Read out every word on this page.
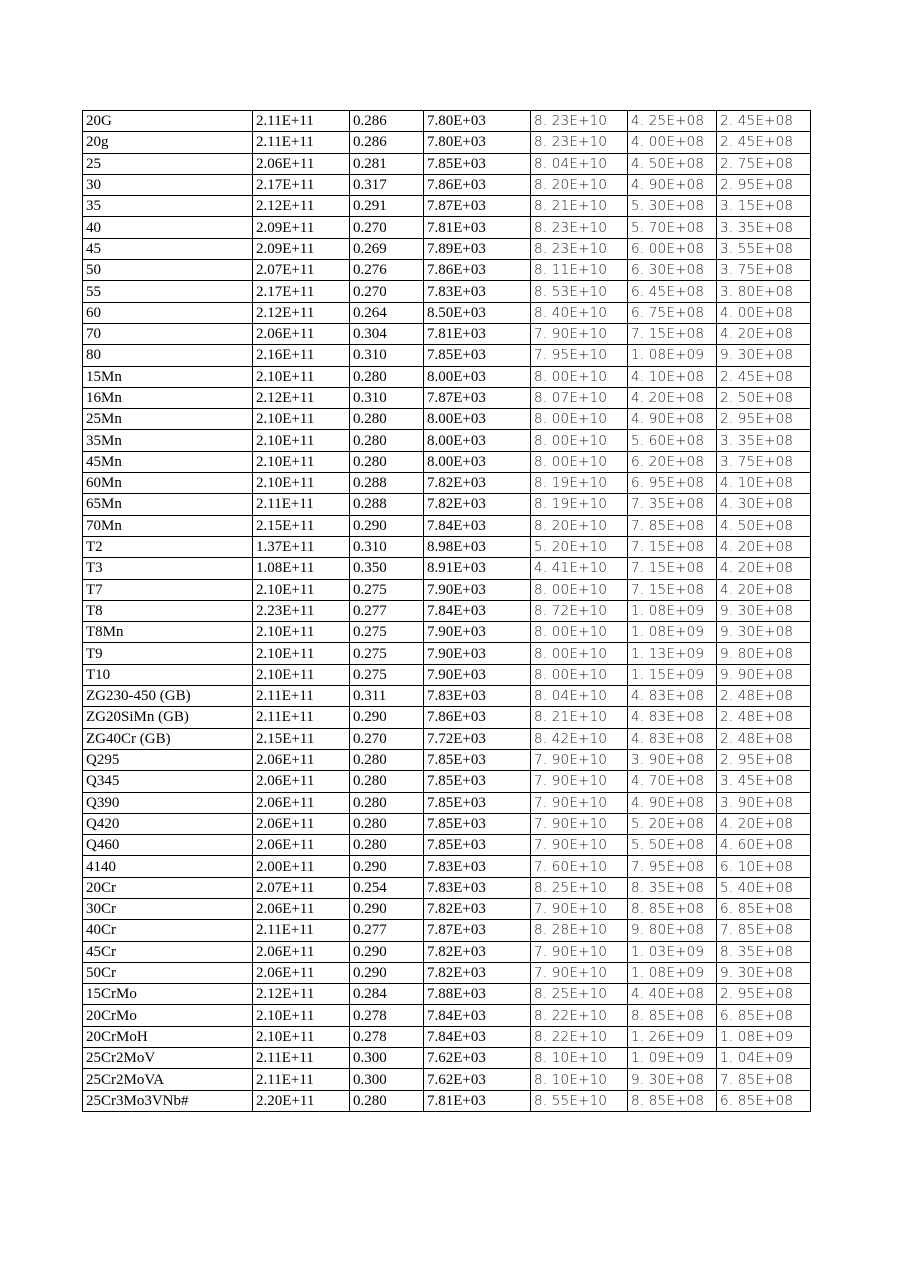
20G	2.11E+11	0.286	7.80E+03	8. 23E+10	4. 25E+08	2. 45E+08
20g	2.11E+11	0.286	7.80E+03	8. 23E+10	4. 00E+08	2. 45E+08
25	2.06E+11	0.281	7.85E+03	8. 04E+10	4. 50E+08	2. 75E+08
30	2.17E+11	0.317	7.86E+03	8. 20E+10	4. 90E+08	2. 95E+08
35	2.12E+11	0.291	7.87E+03	8. 21E+10	5. 30E+08	3. 15E+08
40	2.09E+11	0.270	7.81E+03	8. 23E+10	5. 70E+08	3. 35E+08
45	2.09E+11	0.269	7.89E+03	8. 23E+10	6. 00E+08	3. 55E+08
50	2.07E+11	0.276	7.86E+03	8. 11E+10	6. 30E+08	3. 75E+08
55	2.17E+11	0.270	7.83E+03	8. 53E+10	6. 45E+08	3. 80E+08
60	2.12E+11	0.264	8.50E+03	8. 40E+10	6. 75E+08	4. 00E+08
70	2.06E+11	0.304	7.81E+03	7. 90E+10	7. 15E+08	4. 20E+08
80	2.16E+11	0.310	7.85E+03	7. 95E+10	1. 08E+09	9. 30E+08
15Mn	2.10E+11	0.280	8.00E+03	8. 00E+10	4. 10E+08	2. 45E+08
16Mn	2.12E+11	0.310	7.87E+03	8. 07E+10	4. 20E+08	2. 50E+08
25Mn	2.10E+11	0.280	8.00E+03	8. 00E+10	4. 90E+08	2. 95E+08
35Mn	2.10E+11	0.280	8.00E+03	8. 00E+10	5. 60E+08	3. 35E+08
45Mn	2.10E+11	0.280	8.00E+03	8. 00E+10	6. 20E+08	3. 75E+08
60Mn	2.10E+11	0.288	7.82E+03	8. 19E+10	6. 95E+08	4. 10E+08
65Mn	2.11E+11	0.288	7.82E+03	8. 19E+10	7. 35E+08	4. 30E+08
70Mn	2.15E+11	0.290	7.84E+03	8. 20E+10	7. 85E+08	4. 50E+08
T2	1.37E+11	0.310	8.98E+03	5. 20E+10	7. 15E+08	4. 20E+08
T3	1.08E+11	0.350	8.91E+03	4. 41E+10	7. 15E+08	4. 20E+08
T7	2.10E+11	0.275	7.90E+03	8. 00E+10	7. 15E+08	4. 20E+08
T8	2.23E+11	0.277	7.84E+03	8. 72E+10	1. 08E+09	9. 30E+08
T8Mn	2.10E+11	0.275	7.90E+03	8. 00E+10	1. 08E+09	9. 30E+08
T9	2.10E+11	0.275	7.90E+03	8. 00E+10	1. 13E+09	9. 80E+08
T10	2.10E+11	0.275	7.90E+03	8. 00E+10	1. 15E+09	9. 90E+08
ZG230-450 (GB)	2.11E+11	0.311	7.83E+03	8. 04E+10	4. 83E+08	2. 48E+08
ZG20SiMn (GB)	2.11E+11	0.290	7.86E+03	8. 21E+10	4. 83E+08	2. 48E+08
ZG40Cr (GB)	2.15E+11	0.270	7.72E+03	8. 42E+10	4. 83E+08	2. 48E+08
Q295	2.06E+11	0.280	7.85E+03	7. 90E+10	3. 90E+08	2. 95E+08
Q345	2.06E+11	0.280	7.85E+03	7. 90E+10	4. 70E+08	3. 45E+08
Q390	2.06E+11	0.280	7.85E+03	7. 90E+10	4. 90E+08	3. 90E+08
Q420	2.06E+11	0.280	7.85E+03	7. 90E+10	5. 20E+08	4. 20E+08
Q460	2.06E+11	0.280	7.85E+03	7. 90E+10	5. 50E+08	4. 60E+08
4140	2.00E+11	0.290	7.83E+03	7. 60E+10	7. 95E+08	6. 10E+08
20Cr	2.07E+11	0.254	7.83E+03	8. 25E+10	8. 35E+08	5. 40E+08
30Cr	2.06E+11	0.290	7.82E+03	7. 90E+10	8. 85E+08	6. 85E+08
40Cr	2.11E+11	0.277	7.87E+03	8. 28E+10	9. 80E+08	7. 85E+08
45Cr	2.06E+11	0.290	7.82E+03	7. 90E+10	1. 03E+09	8. 35E+08
50Cr	2.06E+11	0.290	7.82E+03	7. 90E+10	1. 08E+09	9. 30E+08
15CrMo	2.12E+11	0.284	7.88E+03	8. 25E+10	4. 40E+08	2. 95E+08
20CrMo	2.10E+11	0.278	7.84E+03	8. 22E+10	8. 85E+08	6. 85E+08
20CrMoH	2.10E+11	0.278	7.84E+03	8. 22E+10	1. 26E+09	1. 08E+09
25Cr2MoV	2.11E+11	0.300	7.62E+03	8. 10E+10	1. 09E+09	1. 04E+09
25Cr2MoVA	2.11E+11	0.300	7.62E+03	8. 10E+10	9. 30E+08	7. 85E+08
25Cr3Mo3VNb#	2.20E+11	0.280	7.81E+03	8. 55E+10	8. 85E+08	6. 85E+08
